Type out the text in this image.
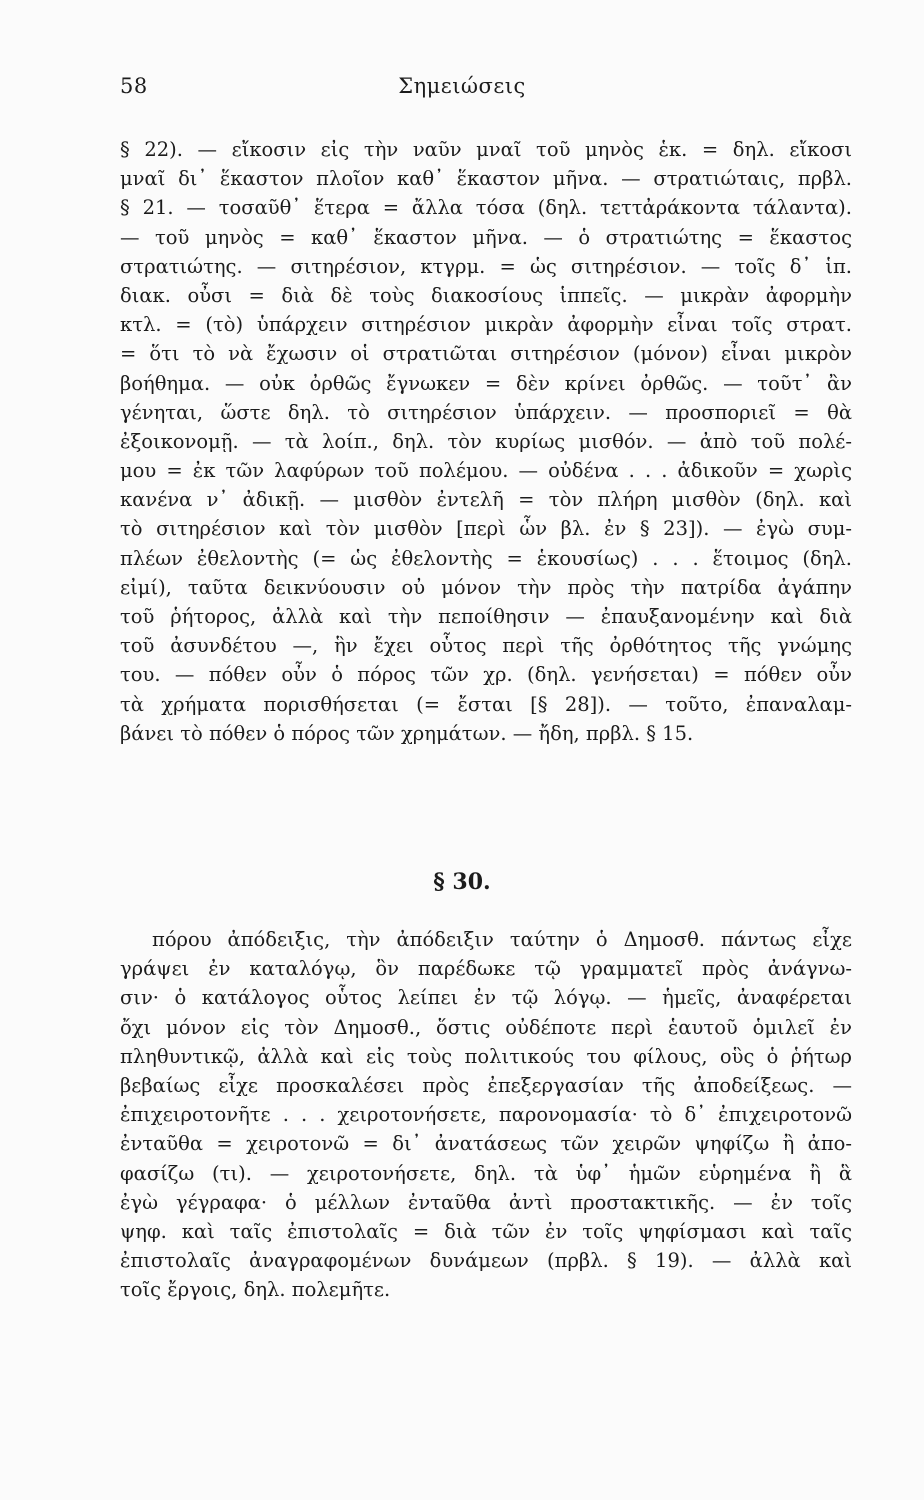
58	Σημειώσεις
§ 22). — εἴκοσιν εἰς τὴν ναῦν μναῖ τοῦ μηνὸς ἑκ. = δηλ. εἴκοσι
μναῖ δι᾽ ἕκαστον πλοῖον καθ᾽ ἕκαστον μῆνα. — στρατιώταις, πρβλ.
§ 21. — τοσαῦθ᾽ ἕτερα = ἄλλα τόσα (δηλ. τεττἀράκοντα τάλαντα).
— τοῦ μηνὸς = καθ᾽ ἕκαστον μῆνα. — ὁ στρατιώτης = ἕκαστος
στρατιώτης. — σιτηρέσιον, κτγρμ. = ὡς σιτηρέσιον. — τοῖς δ᾽ ἱπ.
διακ. οὖσι = διὰ δὲ τοὺς διακοσίους ἱππεῖς. — μικρὰν ἀφορμὴν
κτλ. = (τὸ) ὑπάρχειν σιτηρέσιον μικρὰν ἀφορμὴν εἶναι τοῖς στρατ.
= ὅτι τὸ νὰ ἔχωσιν οἱ στρατιῶται σιτηρέσιον (μόνον) εἶναι μικρὸν
βοήθημα. — οὐκ ὀρθῶς ἔγνωκεν = δὲν κρίνει ὀρθῶς. — τοῦτ᾽ ἂν
γένηται, ὥστε δηλ. τὸ σιτηρέσιον ὑπάρχειν. — προσποριεῖ = θὰ
ἐξοικονομῇ. — τὰ λοίπ., δηλ. τὸν κυρίως μισθόν. — ἀπὸ τοῦ πολέ-
μου = ἐκ τῶν λαφύρων τοῦ πολέμου. — οὐδένα . . . ἀδικοῦν = χωρὶς
κανένα ν᾽ ἀδικῇ. — μισθὸν ἐντελῆ = τὸν πλήρη μισθὸν (δηλ. καὶ
τὸ σιτηρέσιον καὶ τὸν μισθὸν [περὶ ὧν βλ. ἐν § 23]). — ἐγὼ συμ-
πλέων ἐθελοντὴς (= ὡς ἐθελοντὴς = ἑκουσίως) . . . ἕτοιμος (δηλ.
εἰμί), ταῦτα δεικνύουσιν οὐ μόνον τὴν πρὸς τὴν πατρίδα ἀγάπην
τοῦ ῥήτορος, ἀλλὰ καὶ τὴν πεποίθησιν — ἐπαυξανομένην καὶ διὰ
τοῦ ἀσυνδέτου —, ἣν ἔχει οὗτος περὶ τῆς ὀρθότητος τῆς γνώμης
του. — πόθεν οὖν ὁ πόρος τῶν χρ. (δηλ. γενήσεται) = πόθεν οὖν
τὰ χρήματα πορισθήσεται (= ἔσται [§ 28]). — τοῦτο, ἐπαναλαμ-
βάνει τὸ πόθεν ὁ πόρος τῶν χρημάτων. — ἤδη, πρβλ. § 15.
§ 30.
πόρου ἀπόδειξις, τὴν ἀπόδειξιν ταύτην ὁ Δημοσθ. πάντως εἶχε
γράψει ἐν καταλόγῳ, ὃν παρέδωκε τῷ γραμματεῖ πρὸς ἀνάγνω-
σιν· ὁ κατάλογος οὗτος λείπει ἐν τῷ λόγῳ. — ἡμεῖς, ἀναφέρεται
ὄχι μόνον εἰς τὸν Δημοσθ., ὅστις οὐδέποτε περὶ ἑαυτοῦ ὁμιλεῖ ἐν
πληθυντικῷ, ἀλλὰ καὶ εἰς τοὺς πολιτικούς του φίλους, οὓς ὁ ῥήτωρ
βεβαίως εἶχε προσκαλέσει πρὸς ἐπεξεργασίαν τῆς ἀποδείξεως. —
ἐπιχειροτονῆτε . . . χειροτονήσετε, παρονομασία· τὸ δ᾽ ἐπιχειροτονῶ
ἐνταῦθα = χειροτονῶ = δι᾽ ἀνατάσεως τῶν χειρῶν ψηφίζω ἢ ἀπο-
φασίζω (τι). — χειροτονήσετε, δηλ. τὰ ὑφ᾽ ἡμῶν εὑρημένα ἢ ἃ
ἐγὼ γέγραφα· ὁ μέλλων ἐνταῦθα ἀντὶ προστακτικῆς. — ἐν τοῖς
ψηφ. καὶ ταῖς ἐπιστολαῖς = διὰ τῶν ἐν τοῖς ψηφίσμασι καὶ ταῖς
ἐπιστολαῖς ἀναγραφομένων δυνάμεων (πρβλ. § 19). — ἀλλὰ καὶ
τοῖς ἔργοις, δηλ. πολεμῆτε.
